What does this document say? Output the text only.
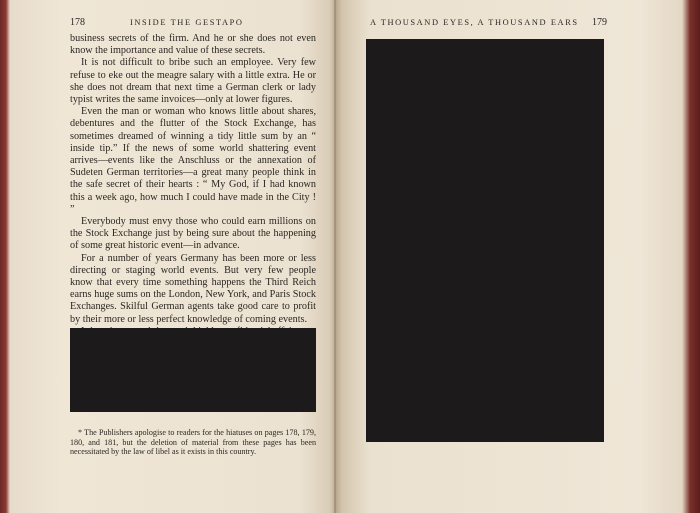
178	INSIDE THE GESTAPO

business secrets of the firm. And he or she does not even know the importance and value of these secrets.

It is not difficult to bribe such an employee. Very few refuse to eke out the meagre salary with a little extra. He or she does not dream that next time a German clerk or lady typist writes the same invoices—only at lower figures.

Even the man or woman who knows little about shares, debentures and the flutter of the Stock Exchange, has sometimes dreamed of winning a tidy little sum by an “ inside tip.” If the news of some world shattering event arrives—events like the Anschluss or the annexation of Sudeten German territories—a great many people think in the safe secret of their hearts : “ My God, if I had known this a week ago, how much I could have made in the City ! ”

Everybody must envy those who could earn millions on the Stock Exchange just by being sure about the happening of some great historic event—in advance.

For a number of years Germany has been more or less directing or staging world events. But very few people know that every time something happens the Third Reich earns huge sums on the London, New York, and Paris Stock Exchanges. Skilful German agents take good care to profit by their more or less perfect knowledge of coming events.

* The Publishers apologise to readers for the hiatuses on pages 178, 179, 180, and 181, but the deletion of material from these pages has been necessitated by the law of libel as it exists in this country.

A THOUSAND EYES, A THOUSAND EARS 179
